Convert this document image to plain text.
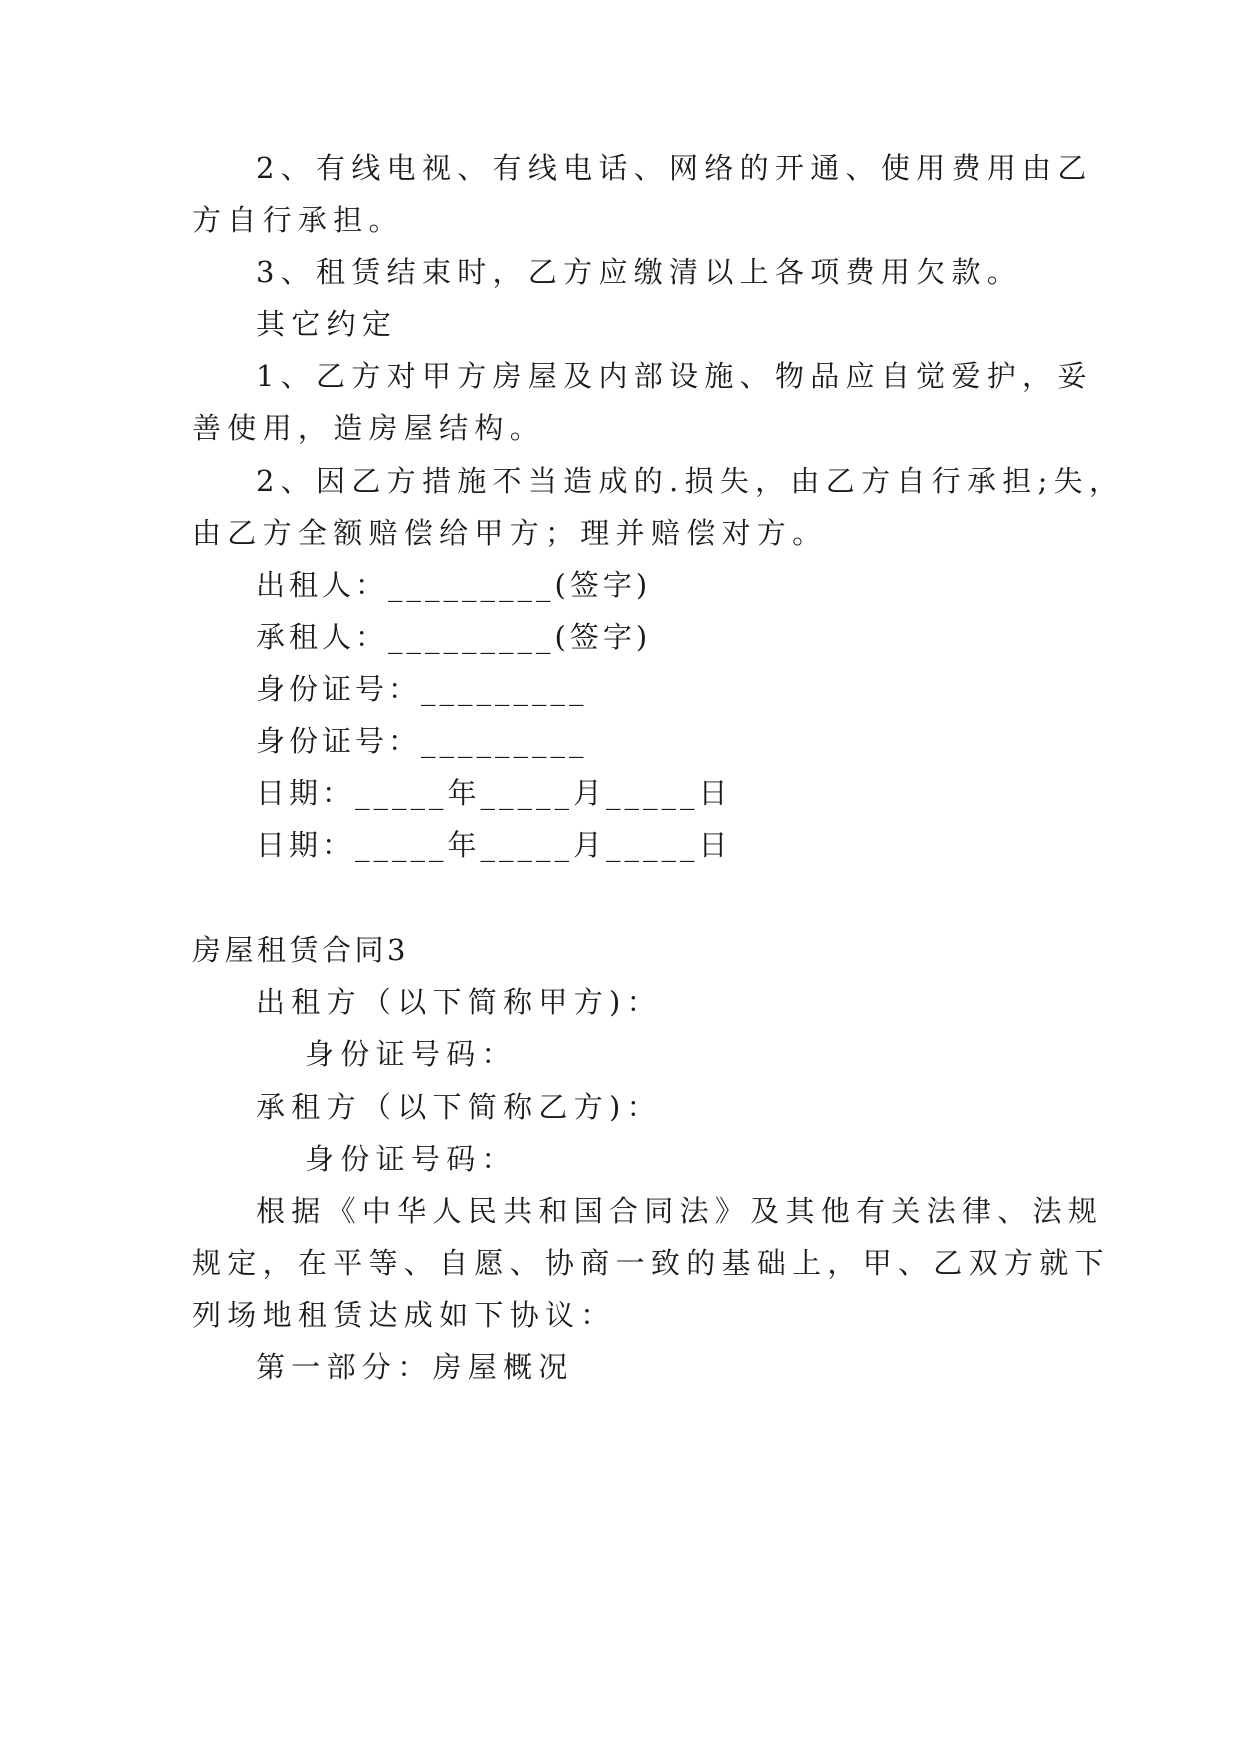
2、有线电视、有线电话、网络的开通、使用费用由乙

方自行承担。

3、租赁结束时，乙方应缴清以上各项费用欠款。

其它约定

1、乙方对甲方房屋及内部设施、物品应自觉爱护，妥

善使用，造房屋结构。

2、因乙方措施不当造成的.损失，由乙方自行承担;失，

由乙方全额赔偿给甲方；理并赔偿对方。

出租人：_________(签字)

承租人：_________(签字)

身份证号：_________

身份证号：_________

日期：_____年_____月_____日

日期：_____年_____月_____日

房屋租赁合同3

出租方（以下简称甲方)：

身份证号码：

承租方（以下简称乙方)：

身份证号码：

根据《中华人民共和国合同法》及其他有关法律、法规

规定，在平等、自愿、协商一致的基础上，甲、乙双方就下

列场地租赁达成如下协议：

第一部分：房屋概况
